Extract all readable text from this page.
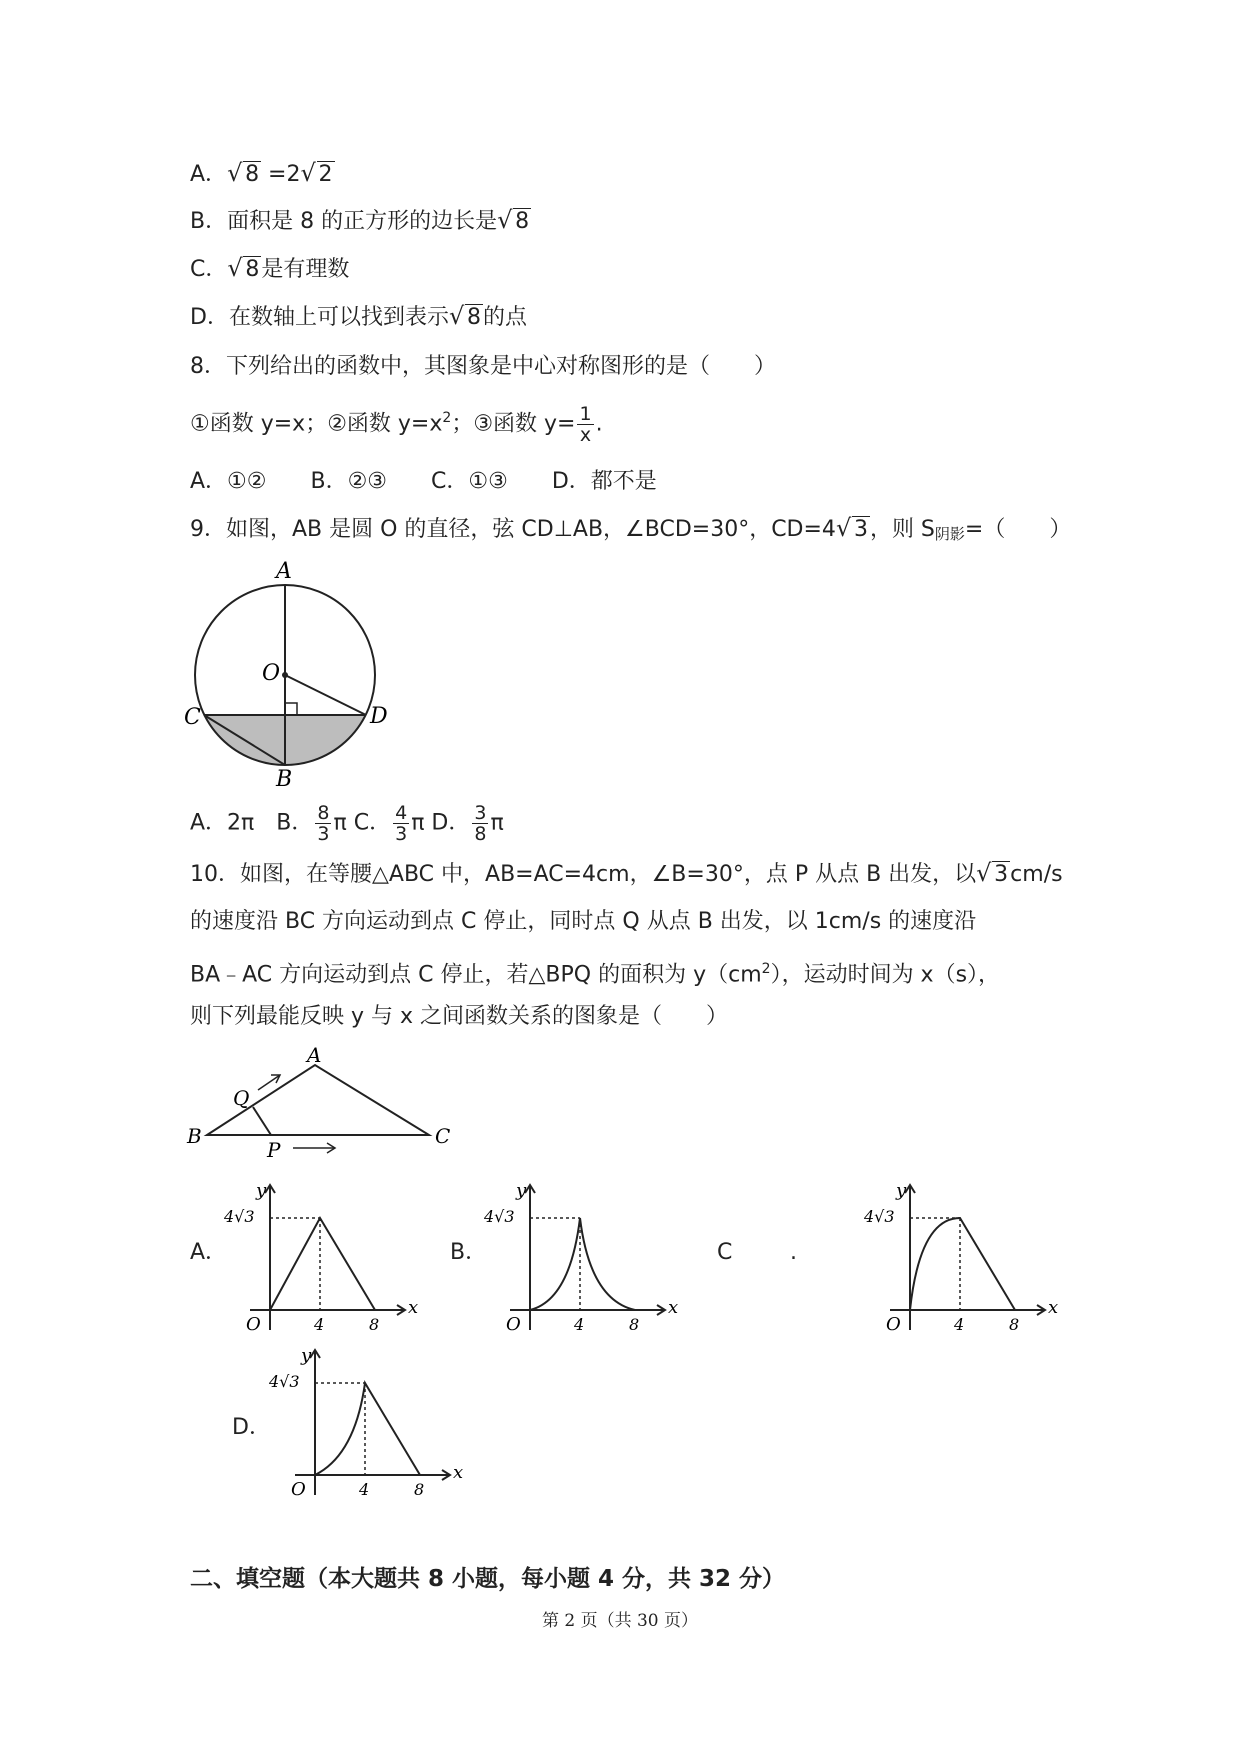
A． √ 8 =2 √ 2
B．面积是 8 的正方形的边长是 √ 8
C． √ 8是有理数
D．在数轴上可以找到表示 √ 8的点
8．下列给出的函数中，其图象是中心对称图形的是（　　）
①函数 y=x；②函数 $y=x^2$；③函数 $y= \frac{1}{x}$ .
A．①②　　B．②③　　C．①③　　D．都不是
9．如图，AB 是圆 O 的直径，弦 CD⊥AB，∠BCD=30°，CD=4 √ 3，则 $S_{阴影}=$（　　）
A
O
C	D
B
A．2π　B． $\frac{8}{3}$ π C． $\frac{4}{3}$ π D． $\frac{3}{8}$ π
10．如图，在等腰△ABC 中，AB=AC=4cm，∠B=30°，点 P 从点 B 出发，以 √ 3cm/s
的速度沿 BC 方向运动到点 C 停止，同时点 Q 从点 B 出发，以 1cm/s 的速度沿
BA﹣AC 方向运动到点 C 停止，若△BPQ 的面积为 $y(cm^2)$，运动时间为 x（s），
则下列最能反映 y 与 x 之间函数关系的图象是（　　）
A
B	C
P
Q
A．	B．	C	.
D．
y
x
O	4	8
4√3
y
x
O	4	8
4√3
y
x
O	4	8
4√3
y
x
O	4	8
4√3
二、填空题（本大题共 8 小题，每小题 4 分，共 32 分）
第 2 页（共 30 页）
